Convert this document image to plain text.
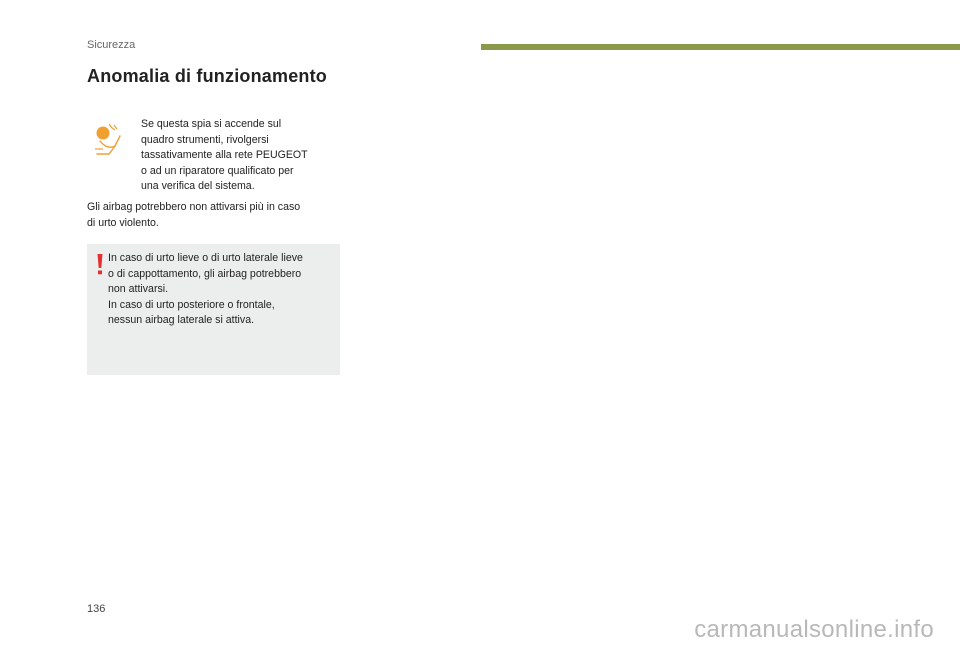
Sicurezza
Anomalia di funzionamento

Se questa spia si accende sul
quadro strumenti, rivolgersi
tassativamente alla rete PEUGEOT
o ad un riparatore qualificato per
una verifica del sistema.

Gli airbag potrebbero non attivarsi più in caso
di urto violento.

In caso di urto lieve o di urto laterale lieve
o di cappottamento, gli airbag potrebbero
non attivarsi.
In caso di urto posteriore o frontale,
nessun airbag laterale si attiva.

136
carmanualsonline.info
